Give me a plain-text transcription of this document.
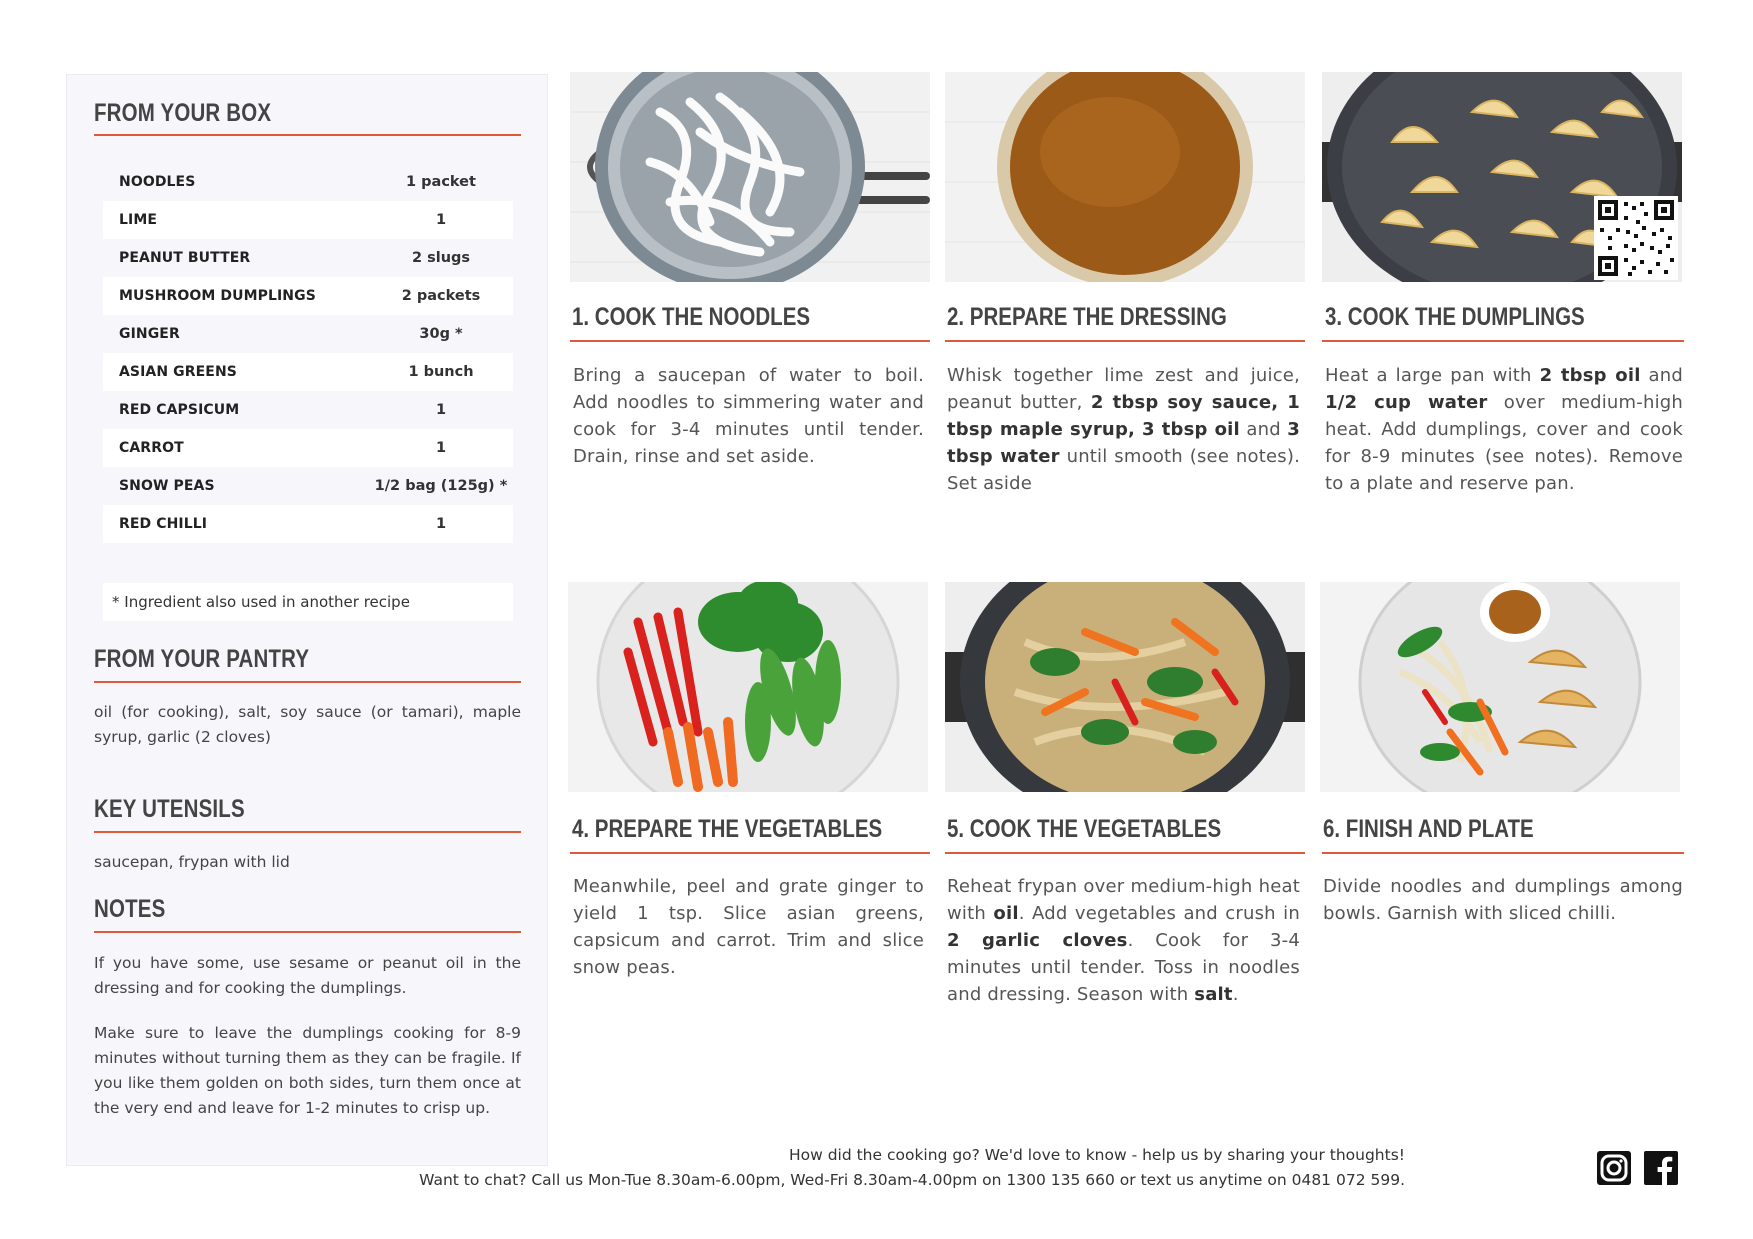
FROM YOUR BOX
NOODLES	1 packet
LIME	1
PEANUT BUTTER	2 slugs
MUSHROOM DUMPLINGS	2 packets
GINGER	30g *
ASIAN GREENS	1 bunch
RED CAPSICUM	1
CARROT	1
SNOW PEAS	1/2 bag (125g) *
RED CHILLI	1
* Ingredient also used in another recipe
FROM YOUR PANTRY

oil (for cooking), salt, soy sauce (or tamari), maple syrup, garlic (2 cloves)

KEY UTENSILS

saucepan, frypan with lid

NOTES

If you have some, use sesame or peanut oil in the dressing and for cooking the dumplings.

Make sure to leave the dumplings cooking for 8-9 minutes without turning them as they can be fragile. If you like them golden on both sides, turn them once at the very end and leave for 1-2 minutes to crisp up.

1. COOK THE NOODLES

Bring a saucepan of water to boil. Add noodles to simmering water and cook for 3-4 minutes until tender. Drain, rinse and set aside.

2. PREPARE THE DRESSING

Whisk together lime zest and juice, peanut butter, 2 tbsp soy sauce, 1 tbsp maple syrup, 3 tbsp oil and 3 tbsp water until smooth (see notes). Set aside

3. COOK THE DUMPLINGS

Heat a large pan with 2 tbsp oil and 1/2 cup water over medium-high heat. Add dumplings, cover and cook for 8-9 minutes (see notes). Remove to a plate and reserve pan.

4. PREPARE THE VEGETABLES

Meanwhile, peel and grate ginger to yield 1 tsp. Slice asian greens, capsicum and carrot. Trim and slice snow peas.

5. COOK THE VEGETABLES

Reheat frypan over medium-high heat with oil. Add vegetables and crush in 2 garlic cloves. Cook for 3-4 minutes until tender. Toss in noodles and dressing. Season with salt.

6. FINISH AND PLATE

Divide noodles and dumplings among bowls. Garnish with sliced chilli.

How did the cooking go? We'd love to know - help us by sharing your thoughts!
Want to chat? Call us Mon-Tue 8.30am-6.00pm, Wed-Fri 8.30am-4.00pm on 1300 135 660 or text us anytime on 0481 072 599.
